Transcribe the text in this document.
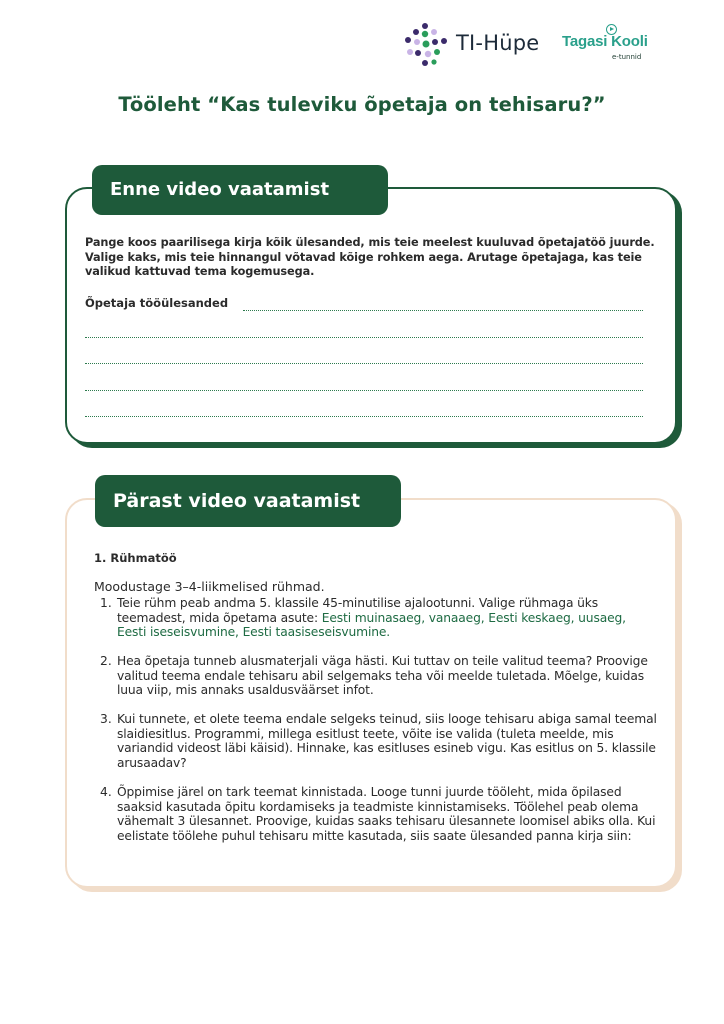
TI-Hüpe Tagasi Kooli
e-tunnid
Tööleht “Kas tuleviku õpetaja on tehisaru?”
Enne video vaatamist

Pange koos paarilisega kirja kõik ülesanded, mis teie meelest kuuluvad õpetajatöö juurde. Valige kaks, mis teie hinnangul võtavad kõige rohkem aega. Arutage õpetajaga, kas teie valikud kattuvad tema kogemusega.

Õpetaja tööülesanded
Pärast video vaatamist
1. Rühmatöö
Moodustage 3–4-liikmelised rühmad.
1. Teie rühm peab andma 5. klassile 45-minutilise ajalootunni. Valige rühmaga üks teemadest, mida õpetama asute: Eesti muinasaeg, vanaaeg, Eesti keskaeg, uusaeg, Eesti iseseisvumine, Eesti taasiseseisvumine.
2. Hea õpetaja tunneb alusmaterjali väga hästi. Kui tuttav on teile valitud teema? Proovige valitud teema endale tehisaru abil selgemaks teha või meelde tuletada. Mõelge, kuidas luua viip, mis annaks usaldusväärset infot.
3. Kui tunnete, et olete teema endale selgeks teinud, siis looge tehisaru abiga samal teemal slaidiesitlus. Programmi, millega esitlust teete, võite ise valida (tuleta meelde, mis variandid videost läbi käisid). Hinnake, kas esitluses esineb vigu. Kas esitlus on 5. klassile arusaadav?
4. Õppimise järel on tark teemat kinnistada. Looge tunni juurde tööleht, mida õpilased saaksid kasutada õpitu kordamiseks ja teadmiste kinnistamiseks. Töölehel peab olema vähemalt 3 ülesannet. Proovige, kuidas saaks tehisaru ülesannete loomisel abiks olla. Kui eelistate töölehe puhul tehisaru mitte kasutada, siis saate ülesanded panna kirja siin:
